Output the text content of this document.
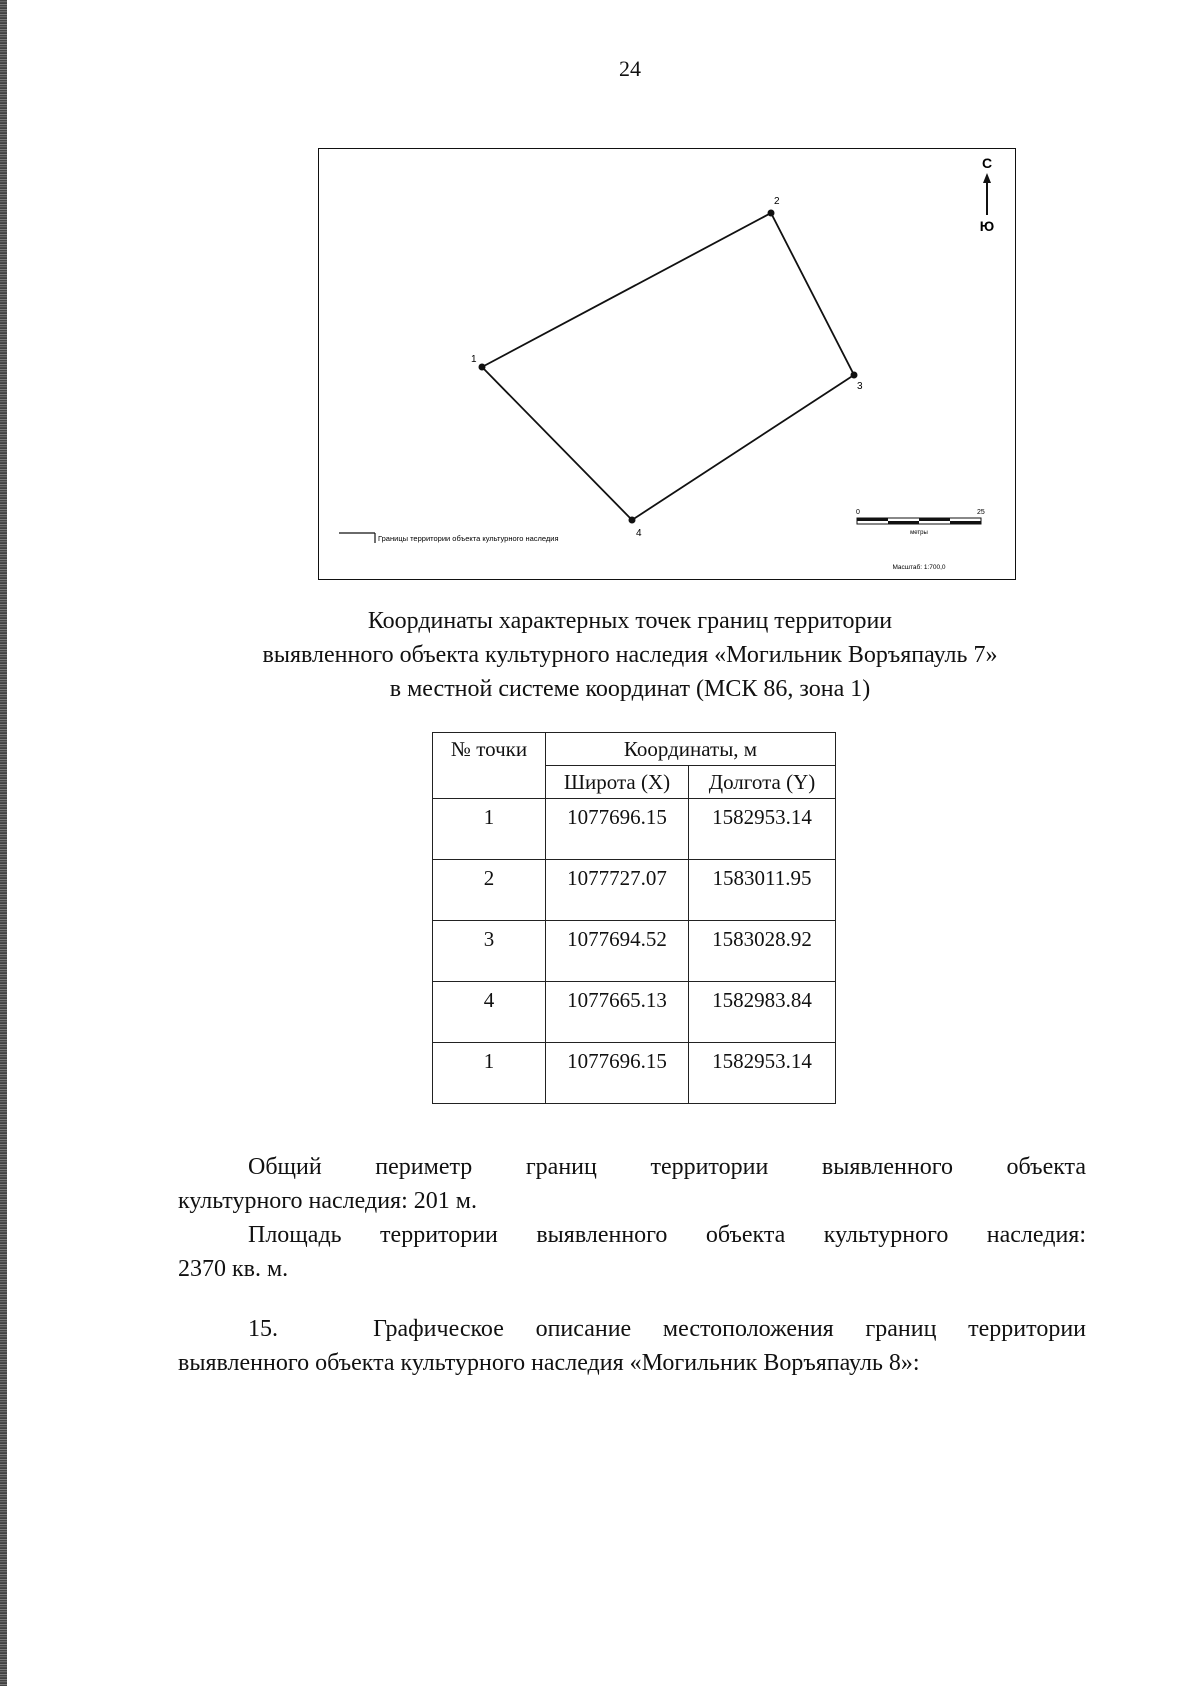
24
1
2
3
4
С
Ю
Границы территории объекта культурного наследия
0	25
метры
Масштаб: 1:700,0
Координаты характерных точек границ территории
выявленного объекта культурного наследия «Могильник Воръяпауль 7»
в местной системе координат (МСК 86, зона 1)
№ точки	Координаты, м	
	Широта (X)	Долгота (Y)
1	1077696.15	1582953.14
2	1077727.07	1583011.95
3	1077694.52	1583028.92
4	1077665.13	1582983.84
1	1077696.15	1582953.14
Общий периметр границ территории выявленного объекта
культурного наследия: 201 м.
Площадь территории выявленного объекта культурного наследия:
2370 кв. м.
15.	Графическое описание местоположения границ территории
выявленного объекта культурного наследия «Могильник Воръяпауль 8»:
